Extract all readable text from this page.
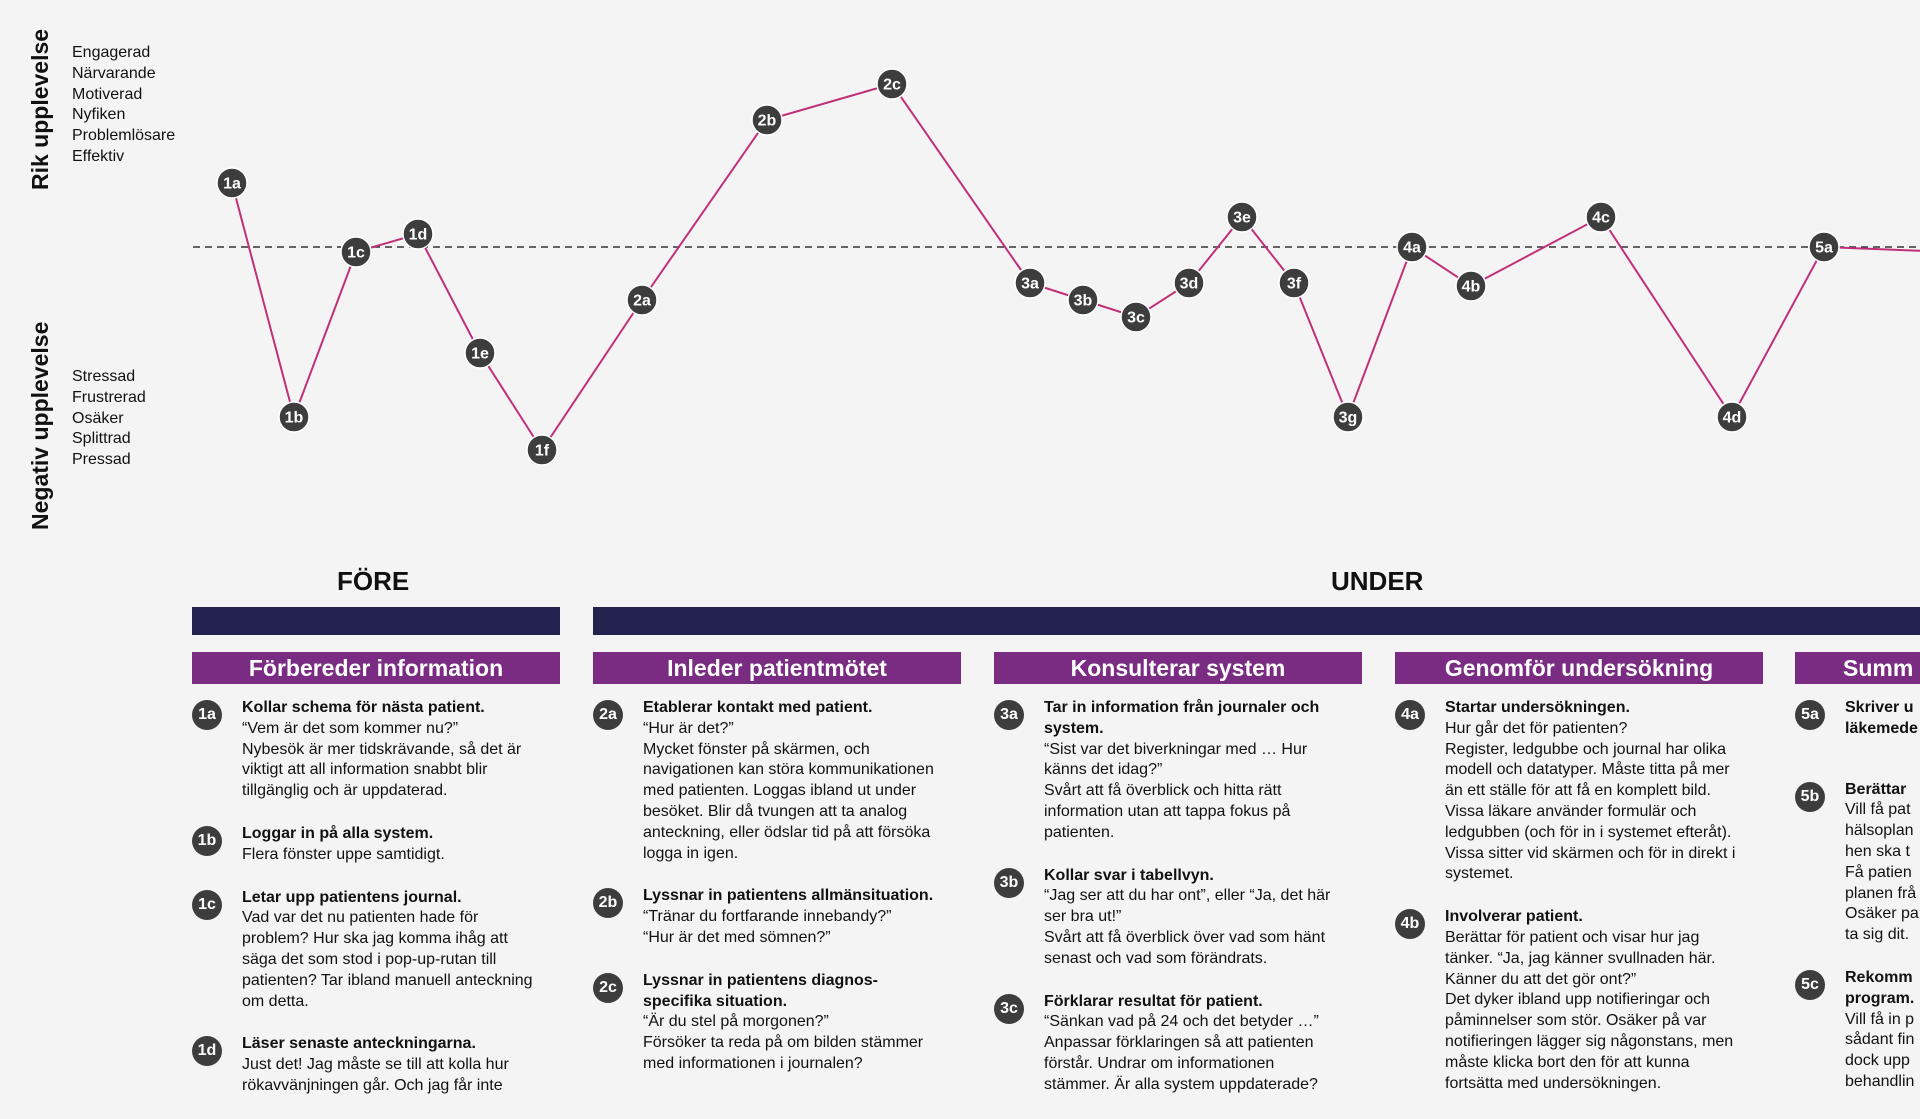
Rik upplevelse
Negativ upplevelse
Engagerad
Närvarande
Motiverad
Nyfiken
Problemlösare
Effektiv
Stressad
Frustrerad
Osäker
Splittrad
Pressad
1a
1b
1c
1d
1e
1f
2a
2b
2c
3a
3b
3c
3d
3e
3f
3g
4a
4b
4c
4d
5a
FÖRE	UNDER
Förbereder information	Inleder patientmötet	Konsulterar system	Genomför undersökning	Summ
1a	Kollar schema för nästa patient.
“Vem är det som kommer nu?”
Nybesök är mer tidskrävande, så det är
viktigt att all information snabbt blir
tillgänglig och är uppdaterad.
1b	Loggar in på alla system.
Flera fönster uppe samtidigt.
1c	Letar upp patientens journal.
Vad var det nu patienten hade för
problem? Hur ska jag komma ihåg att
säga det som stod i pop-up-rutan till
patienten? Tar ibland manuell anteckning
om detta.
1d	Läser senaste anteckningarna.
Just det! Jag måste se till att kolla hur
rökavvänjningen går. Och jag får inte
2a	Etablerar kontakt med patient.
“Hur är det?”
Mycket fönster på skärmen, och
navigationen kan störa kommunikationen
med patienten. Loggas ibland ut under
besöket. Blir då tvungen att ta analog
anteckning, eller ödslar tid på att försöka
logga in igen.
2b	Lyssnar in patientens allmänsituation.
“Tränar du fortfarande innebandy?”
“Hur är det med sömnen?”
2c	Lyssnar in patientens diagnos-
specifika situation.
“Är du stel på morgonen?”
Försöker ta reda på om bilden stämmer
med informationen i journalen?
3a	Tar in information från journaler och
system.
“Sist var det biverkningar med … Hur
känns det idag?”
Svårt att få överblick och hitta rätt
information utan att tappa fokus på
patienten.
3b	Kollar svar i tabellvyn.
“Jag ser att du har ont”, eller “Ja, det här
ser bra ut!”
Svårt att få överblick över vad som hänt
senast och vad som förändrats.
3c	Förklarar resultat för patient.
“Sänkan vad på 24 och det betyder …”
Anpassar förklaringen så att patienten
förstår. Undrar om informationen
stämmer. Är alla system uppdaterade?
4a	Startar undersökningen.
Hur går det för patienten?
Register, ledgubbe och journal har olika
modell och datatyper. Måste titta på mer
än ett ställe för att få en komplett bild.
Vissa läkare använder formulär och
ledgubben (och för in i systemet efteråt).
Vissa sitter vid skärmen och för in direkt i
systemet.
4b	Involverar patient.
Berättar för patient och visar hur jag
tänker. “Ja, jag känner svullnaden här.
Känner du att det gör ont?”
Det dyker ibland upp notifieringar och
påminnelser som stör. Osäker på var
notifieringen lägger sig någonstans, men
måste klicka bort den för att kunna
fortsätta med undersökningen.
5a	Skriver u
läkemede
5b	Berättar
Vill få pat
hälsoplan
hen ska t
Få patien
planen frå
Osäker pa
ta sig dit.
5c	Rekomm
program.
Vill få in p
sådant fin
dock upp
behandlin
